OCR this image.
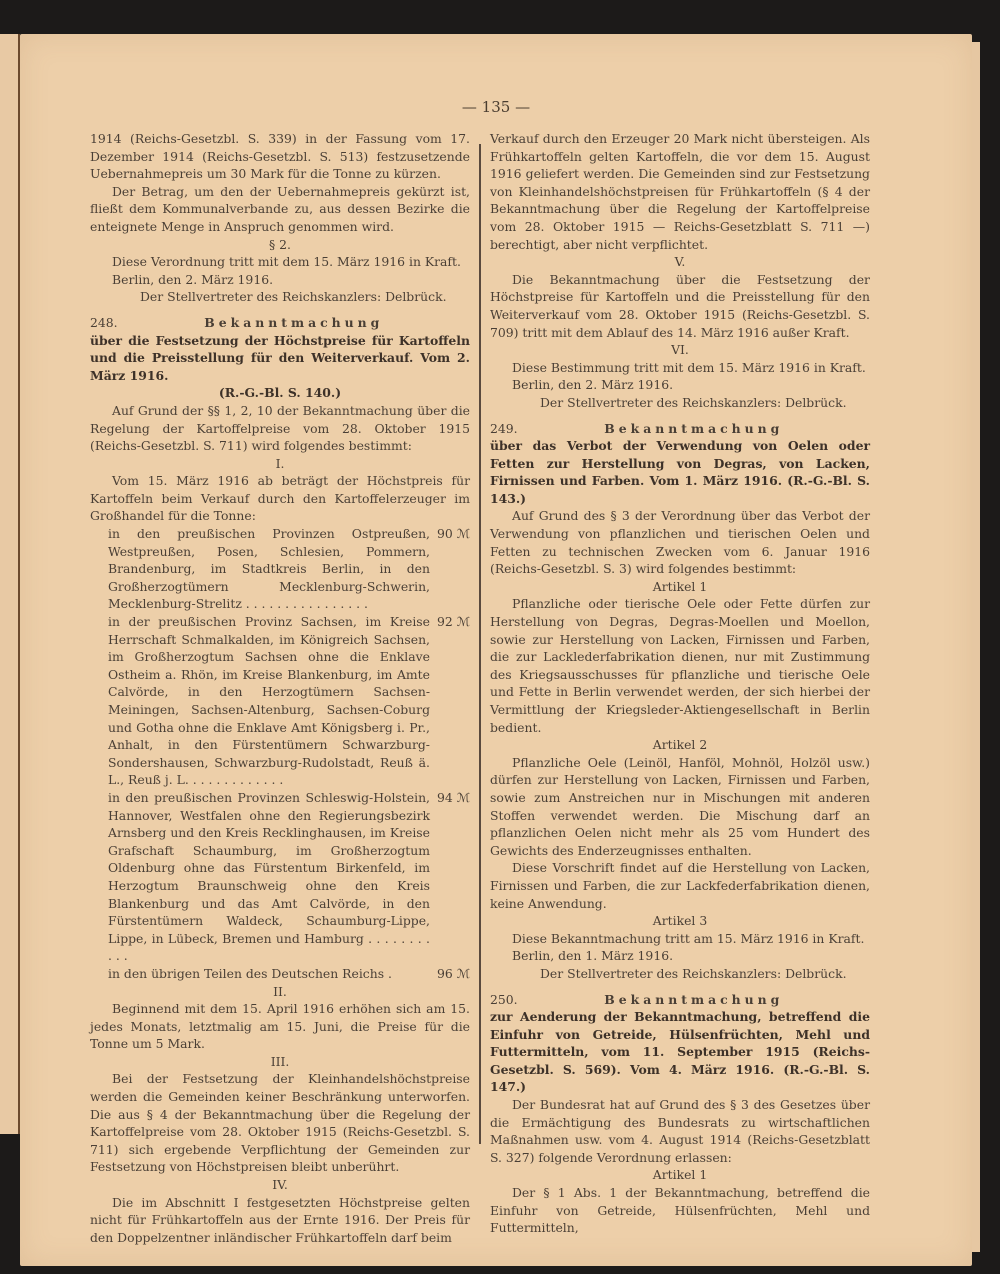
— 135 —

1914 (Reichs-Gesetzbl. S. 339) in der Fassung vom 17. Dezember 1914 (Reichs-Gesetzbl. S. 513) festzusetzende Uebernahmepreis um 30 Mark für die Tonne zu kürzen.

Der Betrag, um den der Uebernahmepreis gekürzt ist, fließt dem Kommunalverbande zu, aus dessen Bezirke die enteignete Menge in Anspruch genommen wird.

§ 2.

Diese Verordnung tritt mit dem 15. März 1916 in Kraft.

Berlin, den 2. März 1916.

Der Stellvertreter des Reichskanzlers: Delbrück.

248.	Bekanntmachung

über die Festsetzung der Höchstpreise für Kartoffeln und die Preisstellung für den Weiterverkauf. Vom 2. März 1916.

(R.-G.-Bl. S. 140.)

Auf Grund der §§ 1, 2, 10 der Bekanntmachung über die Regelung der Kartoffelpreise vom 28. Oktober 1915 (Reichs-Gesetzbl. S. 711) wird folgendes bestimmt:

I.

Vom 15. März 1916 ab beträgt der Höchstpreis für Kartoffeln beim Verkauf durch den Kartoffelerzeuger im Großhandel für die Tonne:

in den preußischen Provinzen Ostpreußen, Westpreußen, Posen, Schlesien, Pommern, Brandenburg, im Stadtkreis Berlin, in den Großherzogtümern Mecklenburg-Schwerin, Mecklenburg-Strelitz . . . . . . . . . . . . . . . .
90 ℳ
in der preußischen Provinz Sachsen, im Kreise Herrschaft Schmalkalden, im Königreich Sachsen, im Großherzogtum Sachsen ohne die Enklave Ostheim a. Rhön, im Kreise Blankenburg, im Amte Calvörde, in den Herzogtümern Sachsen-Meiningen, Sachsen-Altenburg, Sachsen-Coburg und Gotha ohne die Enklave Amt Königsberg i. Pr., Anhalt, in den Fürstentümern Schwarzburg-Sondershausen, Schwarzburg-Rudolstadt, Reuß ä. L., Reuß j. L. . . . . . . . . . . . .
92 ℳ
in den preußischen Provinzen Schleswig-Holstein, Hannover, Westfalen ohne den Regierungsbezirk Arnsberg und den Kreis Recklinghausen, im Kreise Grafschaft Schaumburg, im Großherzogtum Oldenburg ohne das Fürstentum Birkenfeld, im Herzogtum Braunschweig ohne den Kreis Blankenburg und das Amt Calvörde, in den Fürstentümern Waldeck, Schaumburg-Lippe, Lippe, in Lübeck, Bremen und Hamburg . . . . . . . . . . .
94 ℳ
in den übrigen Teilen des Deutschen Reichs .	96 ℳ

II.

Beginnend mit dem 15. April 1916 erhöhen sich am 15. jedes Monats, letztmalig am 15. Juni, die Preise für die Tonne um 5 Mark.

III.

Bei der Festsetzung der Kleinhandelshöchstpreise werden die Gemeinden keiner Beschränkung unterworfen. Die aus § 4 der Bekanntmachung über die Regelung der Kartoffelpreise vom 28. Oktober 1915 (Reichs-Gesetzbl. S. 711) sich ergebende Verpflichtung der Gemeinden zur Festsetzung von Höchstpreisen bleibt unberührt.

IV.

Die im Abschnitt I festgesetzten Höchstpreise gelten nicht für Frühkartoffeln aus der Ernte 1916. Der Preis für den Doppelzentner inländischer Frühkartoffeln darf beim

Verkauf durch den Erzeuger 20 Mark nicht übersteigen. Als Frühkartoffeln gelten Kartoffeln, die vor dem 15. August 1916 geliefert werden. Die Gemeinden sind zur Festsetzung von Kleinhandelshöchstpreisen für Frühkartoffeln (§ 4 der Bekanntmachung über die Regelung der Kartoffelpreise vom 28. Oktober 1915 — Reichs-Gesetzblatt S. 711 —) berechtigt, aber nicht verpflichtet.

V.

Die Bekanntmachung über die Festsetzung der Höchstpreise für Kartoffeln und die Preisstellung für den Weiterverkauf vom 28. Oktober 1915 (Reichs-Gesetzbl. S. 709) tritt mit dem Ablauf des 14. März 1916 außer Kraft.

VI.

Diese Bestimmung tritt mit dem 15. März 1916 in Kraft.

Berlin, den 2. März 1916.

Der Stellvertreter des Reichskanzlers: Delbrück.

249.	Bekanntmachung

über das Verbot der Verwendung von Oelen oder Fetten zur Herstellung von Degras, von Lacken, Firnissen und Farben. Vom 1. März 1916. (R.-G.-Bl. S. 143.)

Auf Grund des § 3 der Verordnung über das Verbot der Verwendung von pflanzlichen und tierischen Oelen und Fetten zu technischen Zwecken vom 6. Januar 1916 (Reichs-Gesetzbl. S. 3) wird folgendes bestimmt:

Artikel 1

Pflanzliche oder tierische Oele oder Fette dürfen zur Herstellung von Degras, Degras-Moellen und Moellon, sowie zur Herstellung von Lacken, Firnissen und Farben, die zur Lacklederfabrikation dienen, nur mit Zustimmung des Kriegsausschusses für pflanzliche und tierische Oele und Fette in Berlin verwendet werden, der sich hierbei der Vermittlung der Kriegsleder-Aktiengesellschaft in Berlin bedient.

Artikel 2

Pflanzliche Oele (Leinöl, Hanföl, Mohnöl, Holzöl usw.) dürfen zur Herstellung von Lacken, Firnissen und Farben, sowie zum Anstreichen nur in Mischungen mit anderen Stoffen verwendet werden. Die Mischung darf an pflanzlichen Oelen nicht mehr als 25 vom Hundert des Gewichts des Enderzeugnisses enthalten.

Diese Vorschrift findet auf die Herstellung von Lacken, Firnissen und Farben, die zur Lackfederfabrikation dienen, keine Anwendung.

Artikel 3

Diese Bekanntmachung tritt am 15. März 1916 in Kraft.

Berlin, den 1. März 1916.

Der Stellvertreter des Reichskanzlers: Delbrück.

250.	Bekanntmachung

zur Aenderung der Bekanntmachung, betreffend die Einfuhr von Getreide, Hülsenfrüchten, Mehl und Futtermitteln, vom 11. September 1915 (Reichs-Gesetzbl. S. 569). Vom 4. März 1916. (R.-G.-Bl. S. 147.)

Der Bundesrat hat auf Grund des § 3 des Gesetzes über die Ermächtigung des Bundesrats zu wirtschaftlichen Maßnahmen usw. vom 4. August 1914 (Reichs-Gesetzblatt S. 327) folgende Verordnung erlassen:

Artikel 1

Der § 1 Abs. 1 der Bekanntmachung, betreffend die Einfuhr von Getreide, Hülsenfrüchten, Mehl und Futtermitteln,
